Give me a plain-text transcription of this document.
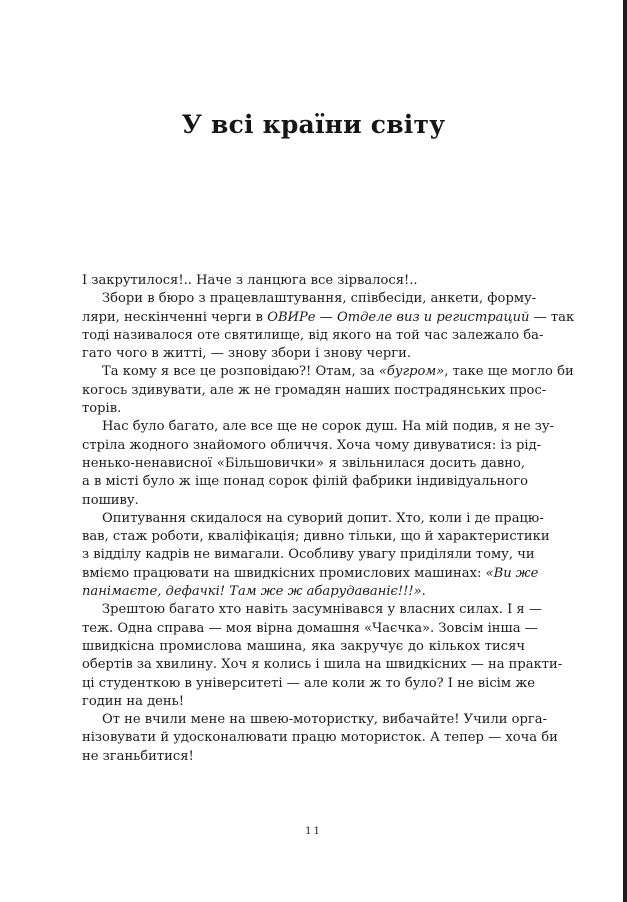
У всі країни світу
І закрутилося!.. Наче з ланцюга все зірвалося!..
Збори в бюро з працевлаштування, співбесіди, анкети, форму-
ляри, нескінченні черги в ОВИРе — Отделе виз и регистраций — так
тоді називалося оте святилище, від якого на той час залежало ба-
гато чого в житті, — знову збори і знову черги.
Та кому я все це розповідаю?! Отам, за «бугром», таке ще могло би
когось здивувати, але ж не громадян наших пострадянських прос-
торів.
Нас було багато, але все ще не сорок душ. На мій подив, я не зу-
стріла жодного знайомого обличчя. Хоча чому дивуватися: із рід-
ненько-ненависної «Більшовички» я звільнилася досить давно,
а в місті було ж іще понад сорок філій фабрики індивідуального
пошиву.
Опитування скидалося на суворий допит. Хто, коли і де працю-
вав, стаж роботи, кваліфікація; дивно тільки, що й характеристики
з відділу кадрів не вимагали. Особливу увагу приділяли тому, чи
вміємо працювати на швидкісних промислових машинах: «Ви же
панімаєте, дефачкі! Там же ж абарудаваніє!!!».
Зрештою багато хто навіть засумнівався у власних силах. І я —
теж. Одна справа — моя вірна домашня «Чаєчка». Зовсім інша —
швидкісна промислова машина, яка закручує до кількох тисяч
обертів за хвилину. Хоч я колись і шила на швидкісних — на практи-
ці студенткою в університеті — але коли ж то було? І не вісім же
годин на день!
От не вчили мене на швею-мотористку, вибачайте! Учили орга-
нізовувати й удосконалювати працю мотористок. А тепер — хоча би
не зганьбитися!
11
